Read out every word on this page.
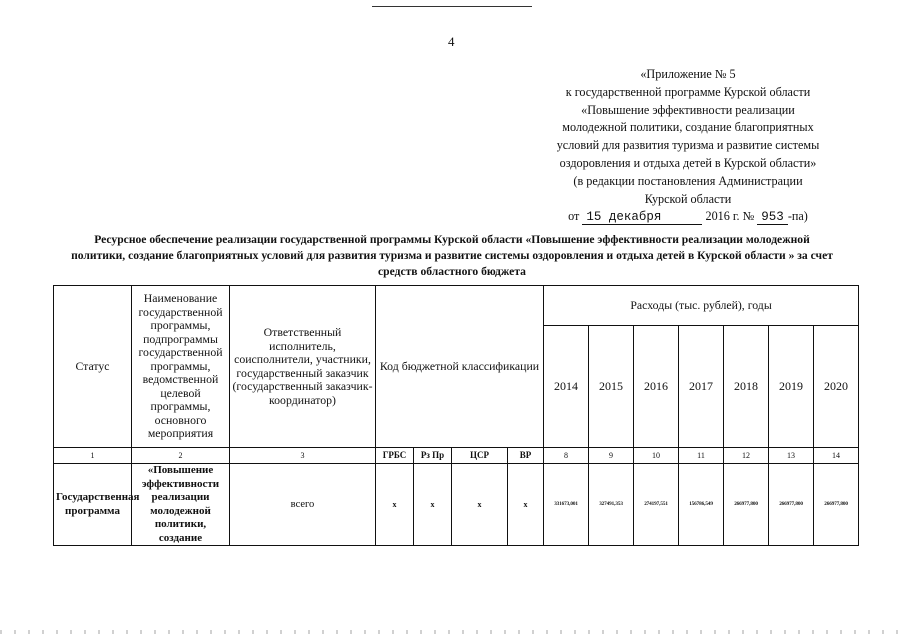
4
«Приложение № 5
к государственной программе Курской области
«Повышение эффективности реализации
молодежной политики, создание благоприятных
условий для развития туризма и развитие системы
оздоровления и отдыха детей в Курской области»
(в редакции постановления Администрации
Курской области
от 15 декабря	2016 г. № 953 -па)
Ресурсное обеспечение реализации государственной программы Курской области «Повышение эффективности реализации молодежной политики, создание благоприятных условий для развития туризма и развитие системы оздоровления и отдыха детей в Курской области » за счет средств областного бюджета
Статус	Наименование государственной программы, подпрограммы государственной программы, ведомственной целевой программы, основного мероприятия	Ответственный исполнитель, соисполнители, участники, государственный заказчик (государственный заказчик-координатор)	Код бюджетной классификации				Расходы (тыс. рублей), годы						
							2014	2015	2016	2017	2018	2019	2020
1	2	3	ГРБС	Рз Пр	ЦСР	ВР	8	9	10	11	12	13	14
Государственная программа	«Повышение эффективности реализации молодежной политики, создание	всего	x	x	x	x	331673,001	327491,353	274197,551	156786,549	266977,800	266977,800	266977,800
